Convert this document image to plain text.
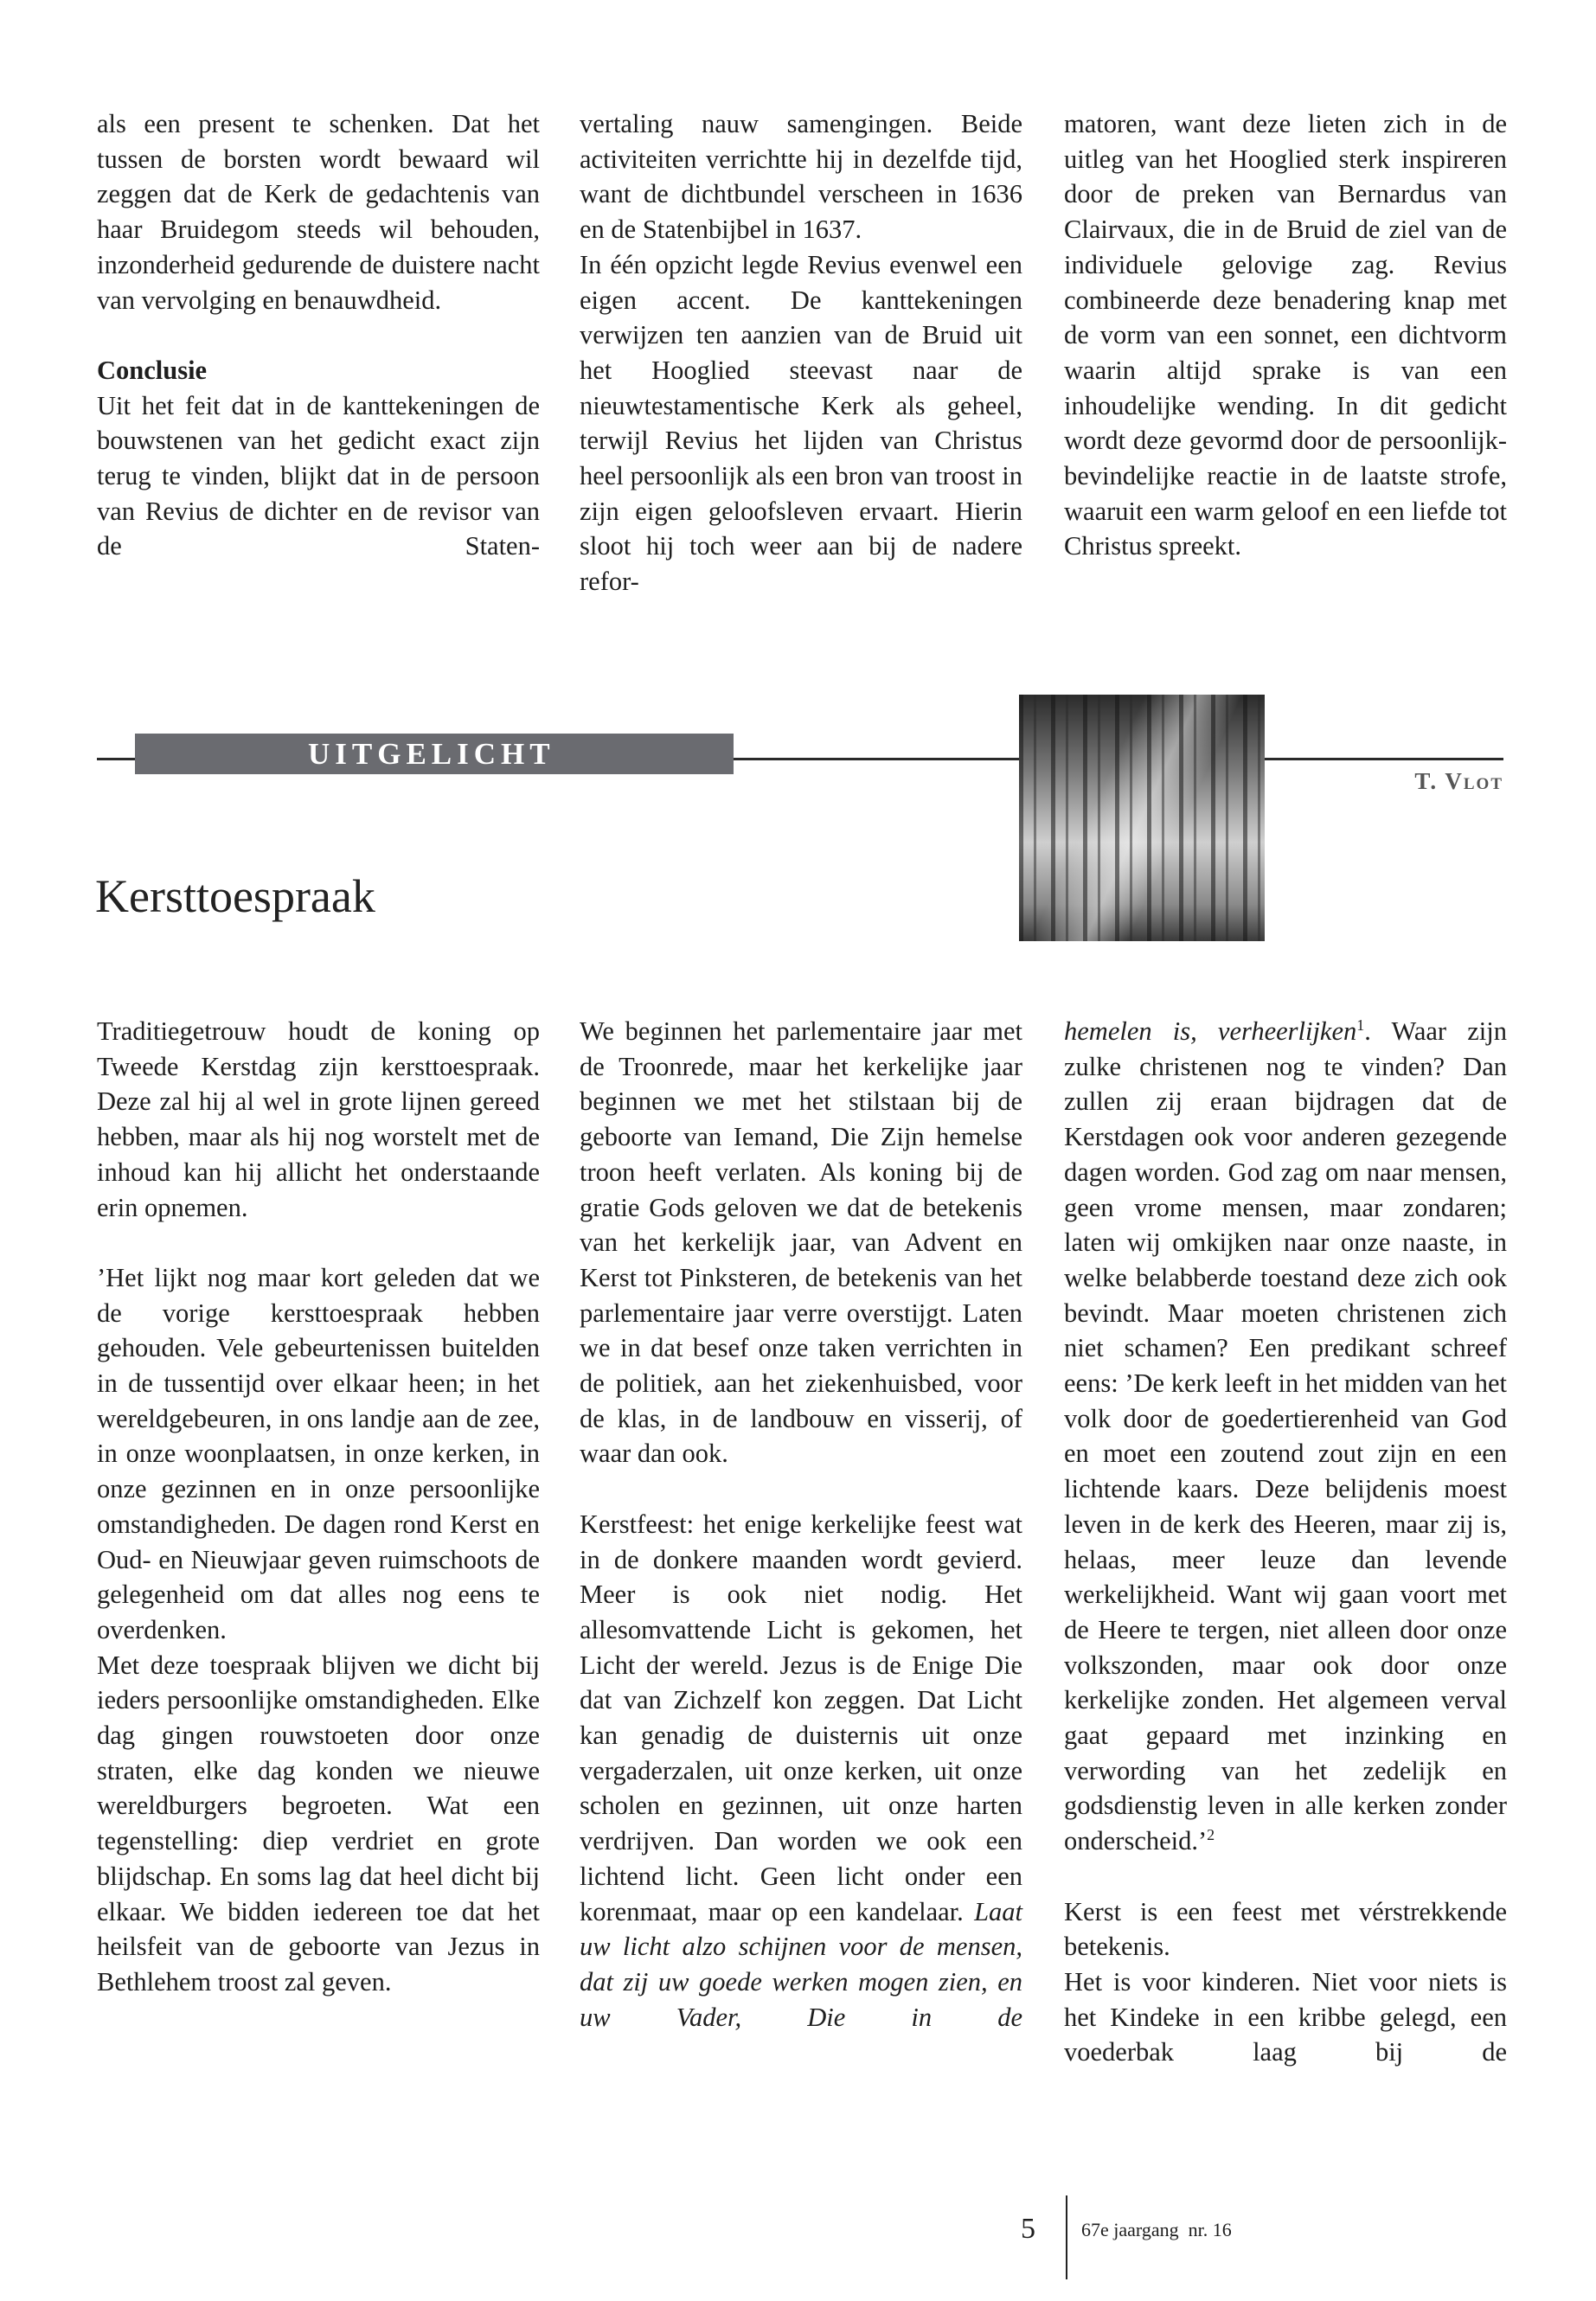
als een present te schenken. Dat het tussen de borsten wordt bewaard wil zeggen dat de Kerk de gedachtenis van haar Bruidegom steeds wil behouden, inzonderheid gedurende de duistere nacht van vervolging en benauwdheid.

Conclusie

Uit het feit dat in de kanttekeningen de bouwstenen van het gedicht exact zijn terug te vinden, blijkt dat in de persoon van Revius de dichter en de revisor van de Staten-

vertaling nauw samengingen. Beide activiteiten verrichtte hij in dezelfde tijd, want de dichtbundel verscheen in 1636 en de Statenbijbel in 1637.

In één opzicht legde Revius evenwel een eigen accent. De kanttekeningen verwijzen ten aanzien van de Bruid uit het Hooglied steevast naar de nieuwtestamentische Kerk als geheel, terwijl Revius het lijden van Christus heel persoonlijk als een bron van troost in zijn eigen geloofsleven ervaart. Hierin sloot hij toch weer aan bij de nadere refor-

matoren, want deze lieten zich in de uitleg van het Hooglied sterk inspireren door de preken van Bernardus van Clairvaux, die in de Bruid de ziel van de individuele gelovige zag. Revius combineerde deze benadering knap met de vorm van een sonnet, een dichtvorm waarin altijd sprake is van een inhoudelijke wending. In dit gedicht wordt deze gevormd door de persoonlijk-bevindelijke reactie in de laatste strofe, waaruit een warm geloof en een liefde tot Christus spreekt.

UITGELICHT
T. Vlot
Kersttoespraak

Traditiegetrouw houdt de koning op Tweede Kerstdag zijn kersttoespraak. Deze zal hij al wel in grote lijnen gereed hebben, maar als hij nog worstelt met de inhoud kan hij allicht het onderstaande erin opnemen.

’Het lijkt nog maar kort geleden dat we de vorige kersttoespraak hebben gehouden. Vele gebeurtenissen buitelden in de tussentijd over elkaar heen; in het wereldgebeuren, in ons landje aan de zee, in onze woonplaatsen, in onze kerken, in onze gezinnen en in onze persoonlijke omstandigheden. De dagen rond Kerst en Oud- en Nieuwjaar geven ruimschoots de gelegenheid om dat alles nog eens te overdenken.

Met deze toespraak blijven we dicht bij ieders persoonlijke omstandigheden. Elke dag gingen rouwstoeten door onze straten, elke dag konden we nieuwe wereldburgers begroeten. Wat een tegenstelling: diep verdriet en grote blijdschap. En soms lag dat heel dicht bij elkaar. We bidden iedereen toe dat het heilsfeit van de geboorte van Jezus in Bethlehem troost zal geven.

We beginnen het parlementaire jaar met de Troonrede, maar het kerkelijke jaar beginnen we met het stilstaan bij de geboorte van Iemand, Die Zijn hemelse troon heeft verlaten. Als koning bij de gratie Gods geloven we dat de betekenis van het kerkelijk jaar, van Advent en Kerst tot Pinksteren, de betekenis van het parlementaire jaar verre overstijgt. Laten we in dat besef onze taken verrichten in de politiek, aan het ziekenhuisbed, voor de klas, in de landbouw en visserij, of waar dan ook.

Kerstfeest: het enige kerkelijke feest wat in de donkere maanden wordt gevierd. Meer is ook niet nodig. Het allesomvattende Licht is gekomen, het Licht der wereld. Jezus is de Enige Die dat van Zichzelf kon zeggen. Dat Licht kan genadig de duisternis uit onze vergaderzalen, uit onze kerken, uit onze scholen en gezinnen, uit onze harten verdrijven. Dan worden we ook een lichtend licht. Geen licht onder een korenmaat, maar op een kandelaar. Laat uw licht alzo schijnen voor de mensen, dat zij uw goede werken mogen zien, en uw Vader, Die in de

hemelen is, verheerlijken$^1$. Waar zijn zulke christenen nog te vinden? Dan zullen zij eraan bijdragen dat de Kerstdagen ook voor anderen gezegende dagen worden. God zag om naar mensen, geen vrome mensen, maar zondaren; laten wij omkijken naar onze naaste, in welke belabberde toestand deze zich ook bevindt. Maar moeten christenen zich niet schamen? Een predikant schreef eens: ’De kerk leeft in het midden van het volk door de goedertierenheid van God en moet een zoutend zout zijn en een lichtende kaars. Deze belijdenis moest leven in de kerk des Heeren, maar zij is, helaas, meer leuze dan levende werkelijkheid. Want wij gaan voort met de Heere te tergen, niet alleen door onze volkszonden, maar ook door onze kerkelijke zonden. Het algemeen verval gaat gepaard met inzinking en verwording van het zedelijk en godsdienstig leven in alle kerken zonder onderscheid.’$^2$

Kerst is een feest met vérstrekkende betekenis.

Het is voor kinderen. Niet voor niets is het Kindeke in een kribbe gelegd, een voederbak laag bij de

5 67e jaargang  nr. 16
